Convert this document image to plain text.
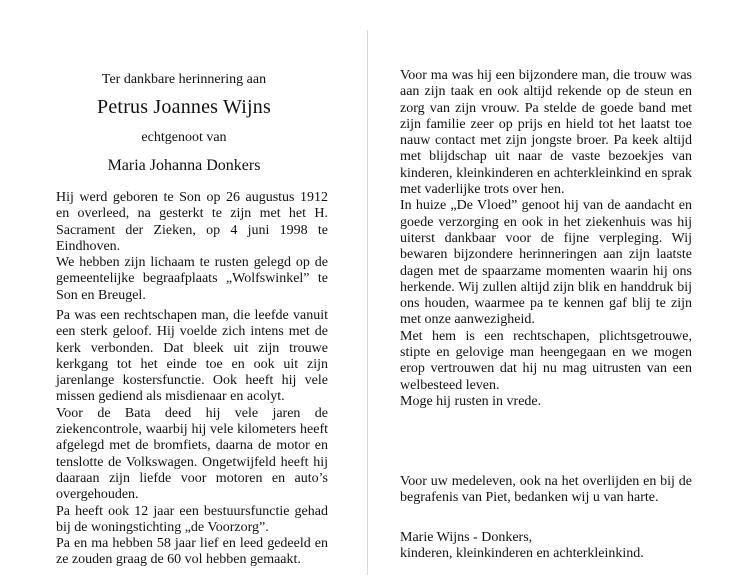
Ter dankbare herinnering aan
Petrus Joannes Wijns
echtgenoot van
Maria Johanna Donkers

Hij werd geboren te Son op 26 augustus 1912 en overleed, na gesterkt te zijn met het H. Sacrament der Zieken, op 4 juni 1998 te Eindhoven.

We hebben zijn lichaam te rusten gelegd op de gemeentelijke begraafplaats „Wolfswinkel” te Son en Breugel.

Pa was een rechtschapen man, die leefde vanuit een sterk geloof. Hij voelde zich intens met de kerk verbonden. Dat bleek uit zijn trouwe kerkgang tot het einde toe en ook uit zijn jarenlange kostersfunctie. Ook heeft hij vele missen gediend als misdienaar en acolyt.

Voor de Bata deed hij vele jaren de ziekencontrole, waarbij hij vele kilometers heeft afgelegd met de bromfiets, daarna de motor en tenslotte de Volkswagen. Ongetwijfeld heeft hij daaraan zijn liefde voor motoren en auto’s overgehouden.

Pa heeft ook 12 jaar een bestuursfunctie gehad bij de woningstichting „de Voorzorg”.

Pa en ma hebben 58 jaar lief en leed gedeeld en ze zouden graag de 60 vol hebben gemaakt.

Voor ma was hij een bijzondere man, die trouw was aan zijn taak en ook altijd rekende op de steun en zorg van zijn vrouw. Pa stelde de goede band met zijn familie zeer op prijs en hield tot het laatst toe nauw contact met zijn jongste broer. Pa keek altijd met blijdschap uit naar de vaste bezoekjes van kinderen, kleinkinderen en achterkleinkind en sprak met vaderlijke trots over hen.

In huize „De Vloed” genoot hij van de aandacht en goede verzorging en ook in het ziekenhuis was hij uiterst dankbaar voor de fijne verpleging. Wij bewaren bijzondere herinneringen aan zijn laatste dagen met de spaarzame momenten waarin hij ons herkende. Wij zullen altijd zijn blik en handdruk bij ons houden, waarmee pa te kennen gaf blij te zijn met onze aanwezigheid.

Met hem is een rechtschapen, plichtsgetrouwe, stipte en gelovige man heengegaan en we mogen erop vertrouwen dat hij nu mag uitrusten van een welbesteed leven.

Moge hij rusten in vrede.

Voor uw medeleven, ook na het overlijden en bij de begrafenis van Piet, bedanken wij u van harte.

Marie Wijns - Donkers,
kinderen, kleinkinderen en achterkleinkind.
